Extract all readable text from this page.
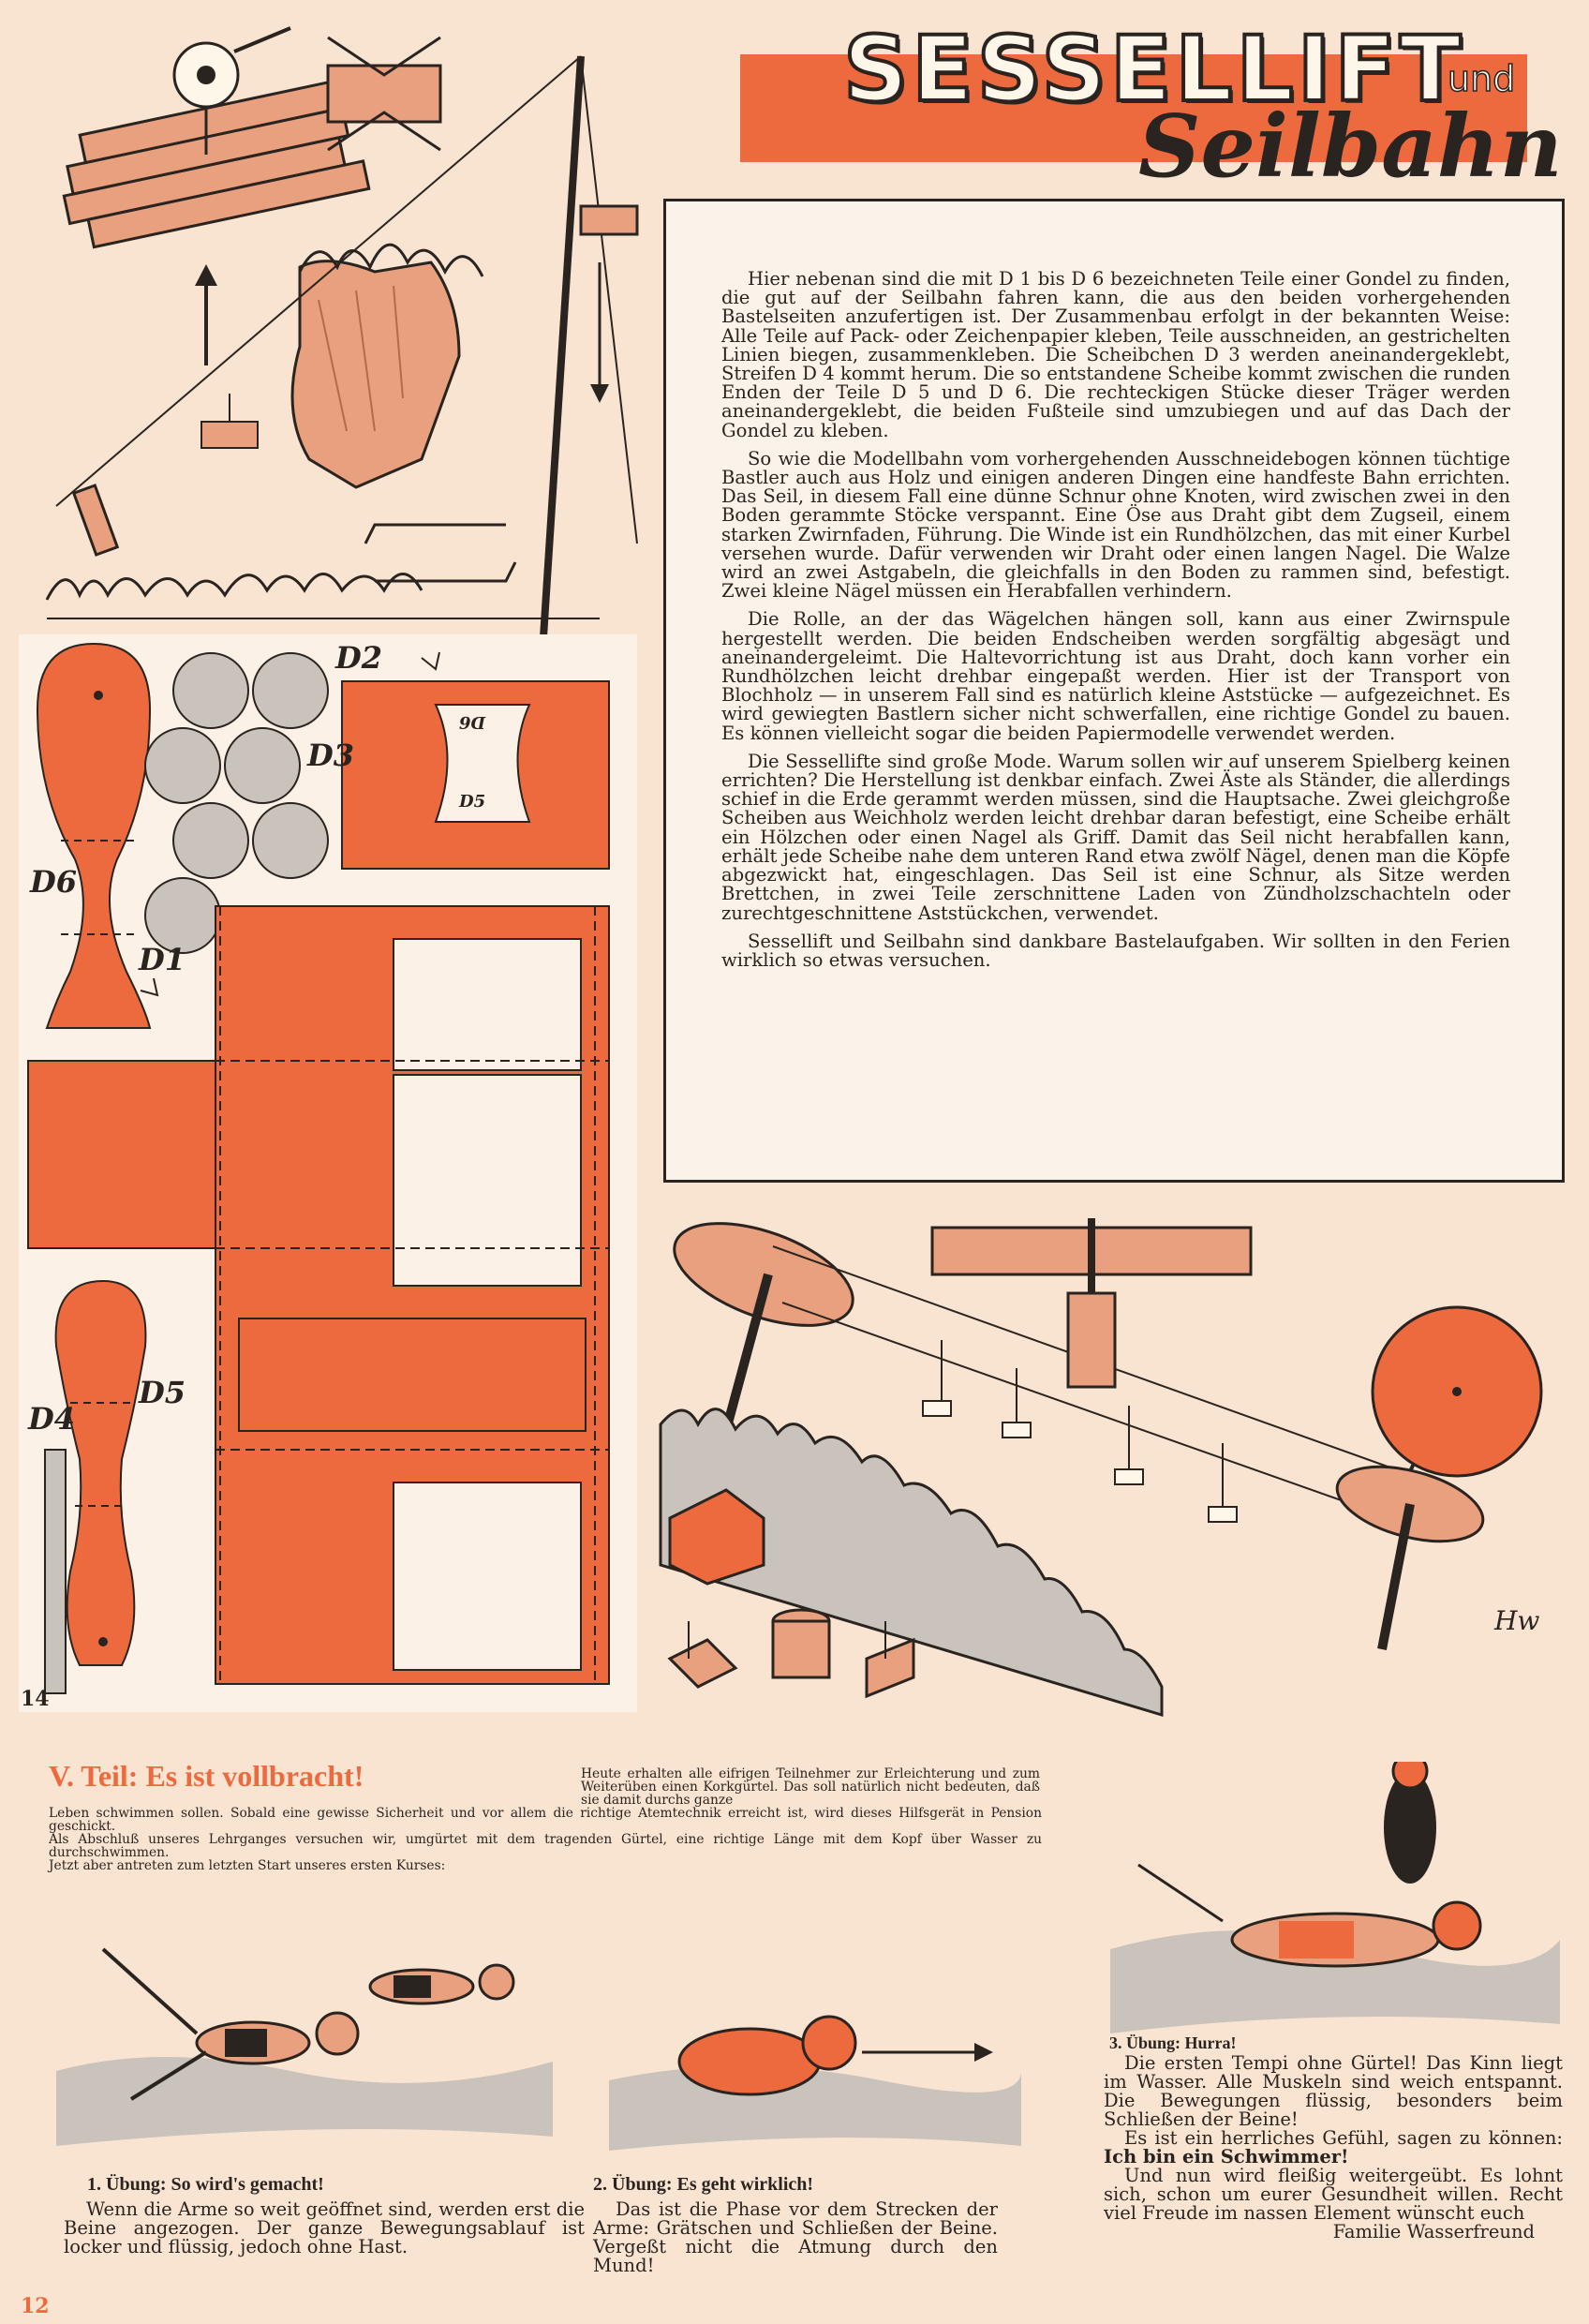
SESSELLIFT
und
Seilbahn

Hier nebenan sind die mit D 1 bis D 6 bezeichneten Teile einer Gondel zu finden, die gut auf der Seilbahn fahren kann, die aus den beiden vorhergehenden Bastelseiten anzufertigen ist. Der Zusammenbau erfolgt in der bekannten Weise: Alle Teile auf Pack- oder Zeichenpapier kleben, Teile ausschneiden, an gestrichelten Linien biegen, zusammenkleben. Die Scheibchen D 3 werden aneinandergeklebt, Streifen D 4 kommt herum. Die so entstandene Scheibe kommt zwischen die runden Enden der Teile D 5 und D 6. Die rechteckigen Stücke dieser Träger werden aneinandergeklebt, die beiden Fußteile sind umzubiegen und auf das Dach der Gondel zu kleben.

So wie die Modellbahn vom vorhergehenden Ausschneidebogen können tüchtige Bastler auch aus Holz und einigen anderen Dingen eine handfeste Bahn errichten. Das Seil, in diesem Fall eine dünne Schnur ohne Knoten, wird zwischen zwei in den Boden gerammte Stöcke verspannt. Eine Öse aus Draht gibt dem Zugseil, einem starken Zwirnfaden, Führung. Die Winde ist ein Rundhölzchen, das mit einer Kurbel versehen wurde. Dafür verwenden wir Draht oder einen langen Nagel. Die Walze wird an zwei Astgabeln, die gleichfalls in den Boden zu rammen sind, befestigt. Zwei kleine Nägel müssen ein Herabfallen verhindern.

Die Rolle, an der das Wägelchen hängen soll, kann aus einer Zwirnspule hergestellt werden. Die beiden Endscheiben werden sorgfältig abgesägt und aneinandergeleimt. Die Haltevorrichtung ist aus Draht, doch kann vorher ein Rundhölzchen leicht drehbar eingepaßt werden. Hier ist der Transport von Blochholz — in unserem Fall sind es natürlich kleine Aststücke — aufgezeichnet. Es wird gewiegten Bastlern sicher nicht schwerfallen, eine richtige Gondel zu bauen. Es können vielleicht sogar die beiden Papiermodelle verwendet werden.

Die Sessellifte sind große Mode. Warum sollen wir auf unserem Spielberg keinen errichten? Die Herstellung ist denkbar einfach. Zwei Äste als Ständer, die allerdings schief in die Erde gerammt werden müssen, sind die Hauptsache. Zwei gleichgroße Scheiben aus Weichholz werden leicht drehbar daran befestigt, eine Scheibe erhält ein Hölzchen oder einen Nagel als Griff. Damit das Seil nicht herabfallen kann, erhält jede Scheibe nahe dem unteren Rand etwa zwölf Nägel, denen man die Köpfe abgezwickt hat, eingeschlagen. Das Seil ist eine Schnur, als Sitze werden Brettchen, in zwei Teile zerschnittene Laden von Zündholzschachteln oder zurechtgeschnittene Aststückchen, verwendet.

Sessellift und Seilbahn sind dankbare Bastelaufgaben. Wir sollten in den Ferien wirklich so etwas versuchen.

D2
D3
D6
D1
D5
D4
D5
D6
14
Hw
V. Teil: Es ist vollbracht!	Heute erhalten alle eifrigen Teilnehmer zur Erleichterung und zum Weiterüben einen Korkgürtel. Das soll natürlich nicht bedeuten, daß sie damit durchs ganze
Leben schwimmen sollen. Sobald eine gewisse Sicherheit und vor allem die richtige Atemtechnik erreicht ist, wird dieses Hilfsgerät in Pension geschickt.
Als Abschluß unseres Lehrganges versuchen wir, umgürtet mit dem tragenden Gürtel, eine richtige Länge mit dem Kopf über Wasser zu durchschwimmen.
Jetzt aber antreten zum letzten Start unseres ersten Kurses:
1. Übung: So wird's gemacht!
Wenn die Arme so weit geöffnet sind, werden erst die Beine angezogen. Der ganze Bewegungsablauf ist locker und flüssig, jedoch ohne Hast.
2. Übung: Es geht wirklich!
Das ist die Phase vor dem Strecken der Arme: Grätschen und Schließen der Beine. Vergeßt nicht die Atmung durch den Mund!
3. Übung: Hurra!
Die ersten Tempi ohne Gürtel! Das Kinn liegt im Wasser. Alle Muskeln sind weich entspannt. Die Bewegungen flüssig, besonders beim Schließen der Beine!
Es ist ein herrliches Gefühl, sagen zu können: Ich bin ein Schwimmer!
Und nun wird fleißig weitergeübt. Es lohnt sich, schon um eurer Gesundheit willen. Recht viel Freude im nassen Element wünscht euch
Familie Wasserfreund
12
